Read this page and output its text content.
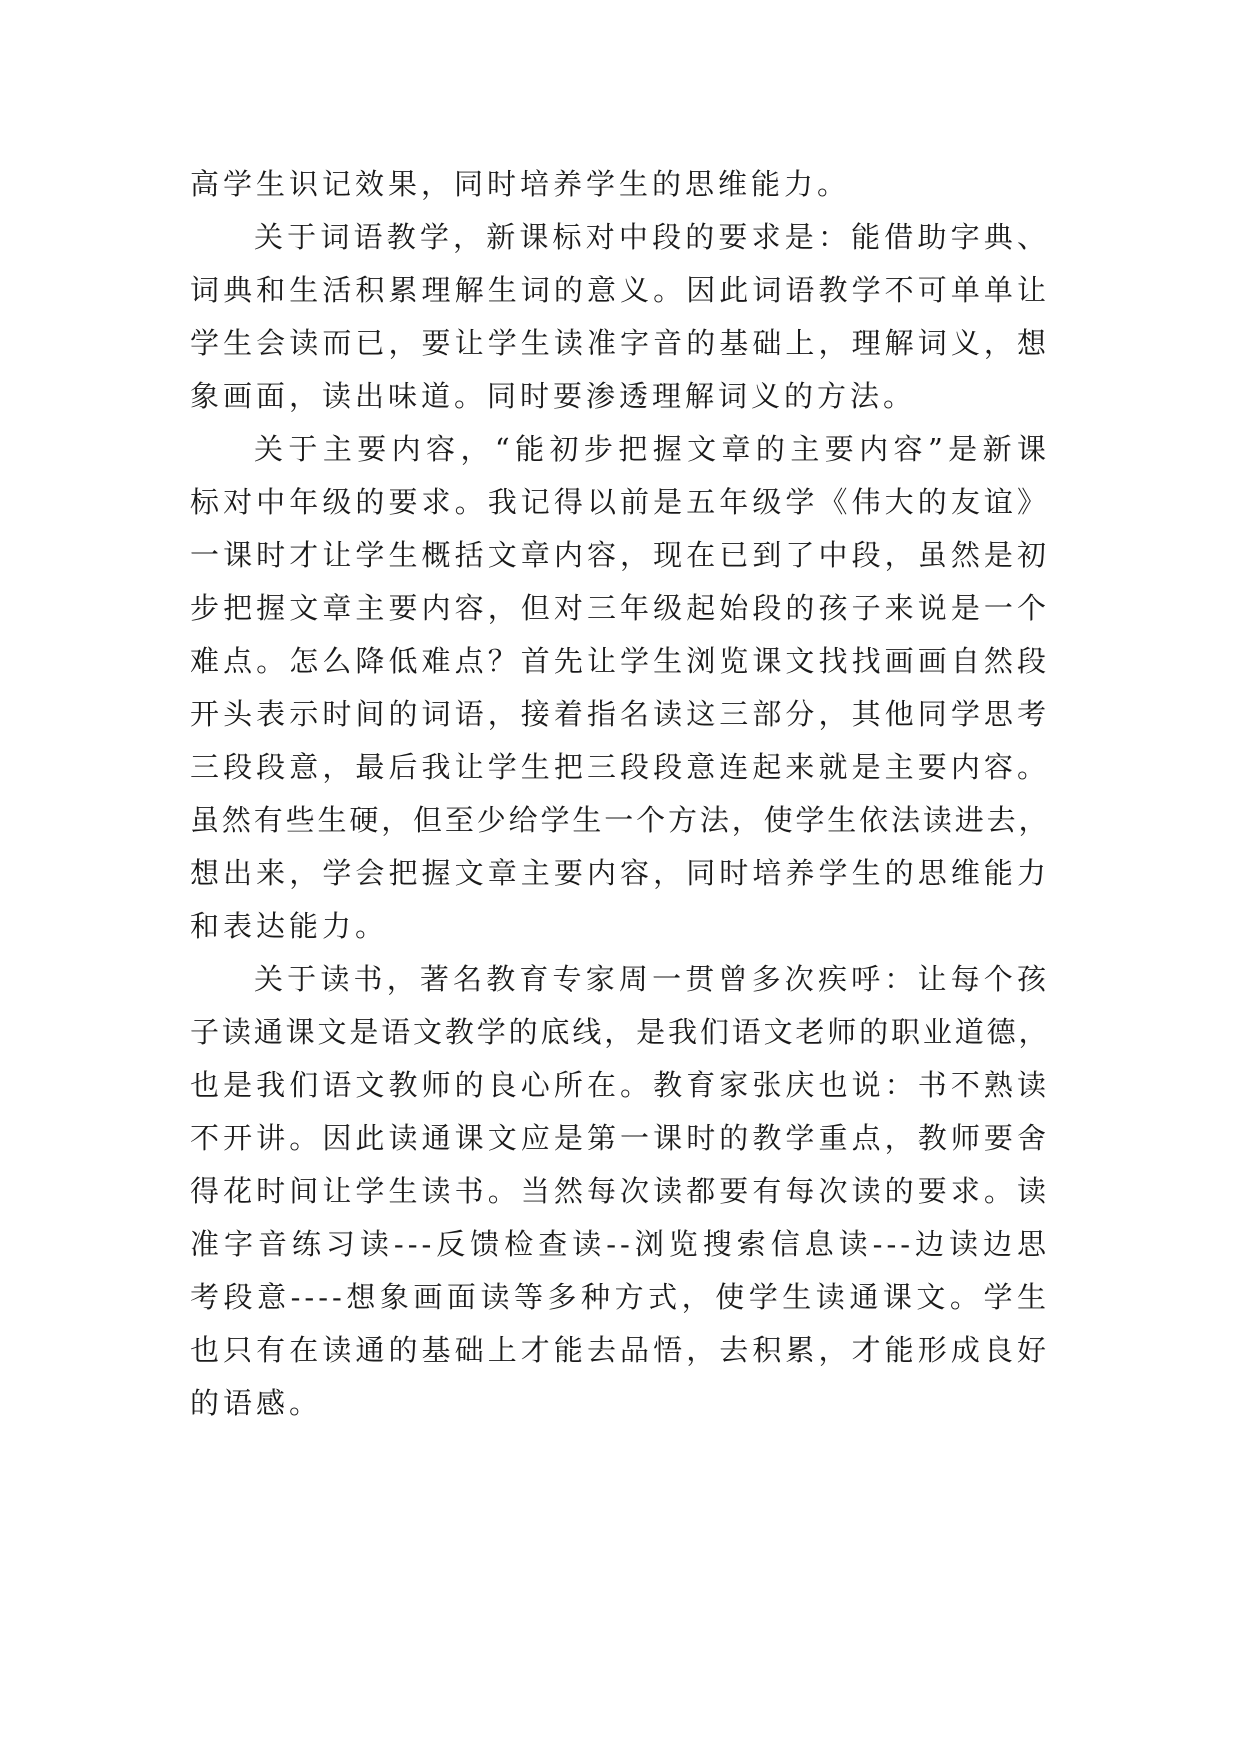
高学生识记效果，同时培养学生的思维能力。

关于词语教学，新课标对中段的要求是：能借助字典、

词典和生活积累理解生词的意义。因此词语教学不可单单让

学生会读而已，要让学生读准字音的基础上，理解词义，想

象画面，读出味道。同时要渗透理解词义的方法。

关于主要内容，“能初步把握文章的主要内容”是新课

标对中年级的要求。我记得以前是五年级学《伟大的友谊》

一课时才让学生概括文章内容，现在已到了中段，虽然是初

步把握文章主要内容，但对三年级起始段的孩子来说是一个

难点。怎么降低难点？首先让学生浏览课文找找画画自然段

开头表示时间的词语，接着指名读这三部分，其他同学思考

三段段意，最后我让学生把三段段意连起来就是主要内容。

虽然有些生硬，但至少给学生一个方法，使学生依法读进去，

想出来，学会把握文章主要内容，同时培养学生的思维能力

和表达能力。

关于读书，著名教育专家周一贯曾多次疾呼：让每个孩

子读通课文是语文教学的底线，是我们语文老师的职业道德，

也是我们语文教师的良心所在。教育家张庆也说：书不熟读

不开讲。因此读通课文应是第一课时的教学重点，教师要舍

得花时间让学生读书。当然每次读都要有每次读的要求。读

准字音练习读---反馈检查读--浏览搜索信息读---边读边思

考段意----想象画面读等多种方式，使学生读通课文。学生

也只有在读通的基础上才能去品悟，去积累，才能形成良好

的语感。
